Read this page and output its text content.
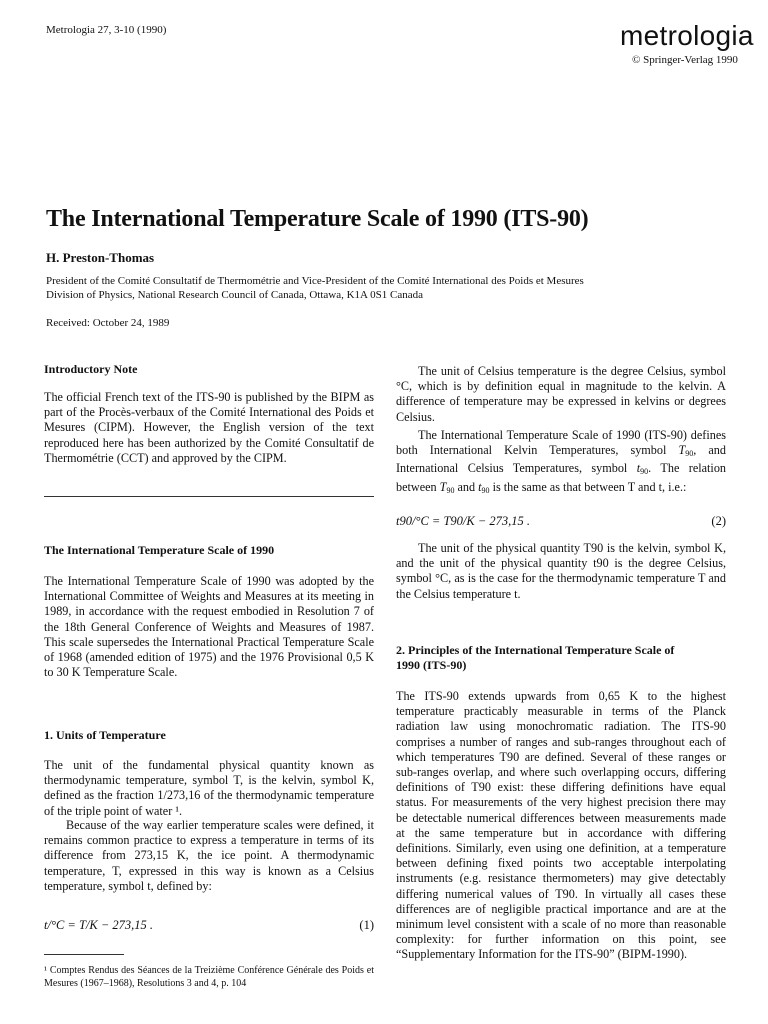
Metrologia 27, 3-10 (1990)	metrologia
© Springer-Verlag 1990
The International Temperature Scale of 1990 (ITS-90)
H. Preston-Thomas
President of the Comité Consultatif de Thermométrie and Vice-President of the Comité International des Poids et Mesures
Division of Physics, National Research Council of Canada, Ottawa, K1A 0S1 Canada
Received: October 24, 1989
Introductory Note
The official French text of the ITS-90 is published by the BIPM as part of the Procès-verbaux of the Comité International des Poids et Mesures (CIPM). However, the English version of the text reproduced here has been authorized by the Comité Consultatif de Thermométrie (CCT) and approved by the CIPM.
The International Temperature Scale of 1990
The International Temperature Scale of 1990 was adopted by the International Committee of Weights and Measures at its meeting in 1989, in accordance with the request embodied in Resolution 7 of the 18th General Conference of Weights and Measures of 1987. This scale supersedes the International Practical Temperature Scale of 1968 (amended edition of 1975) and the 1976 Provisional 0,5 K to 30 K Temperature Scale.
1. Units of Temperature
The unit of the fundamental physical quantity known as thermodynamic temperature, symbol T, is the kelvin, symbol K, defined as the fraction 1/273,16 of the thermodynamic temperature of the triple point of water ¹.
Because of the way earlier temperature scales were defined, it remains common practice to express a temperature in terms of its difference from 273,15 K, the ice point. A thermodynamic temperature, T, expressed in this way is known as a Celsius temperature, symbol t, defined by:
t/°C = T/K − 273,15 .	(1)
¹ Comptes Rendus des Séances de la Treizième Conférence Générale des Poids et Mesures (1967–1968), Resolutions 3 and 4, p. 104
The unit of Celsius temperature is the degree Celsius, symbol °C, which is by definition equal in magnitude to the kelvin. A difference of temperature may be expressed in kelvins or degrees Celsius.
The International Temperature Scale of 1990 (ITS-90) defines both International Kelvin Temperatures, symbol $T_{90}$, and International Celsius Temperatures, symbol $t_{90}$. The relation between $T_{90}$ and $t_{90}$ is the same as that between T and t, i.e.:
t90/°C = T90/K − 273,15 .	(2)
The unit of the physical quantity T90 is the kelvin, symbol K, and the unit of the physical quantity t90 is the degree Celsius, symbol °C, as is the case for the thermodynamic temperature T and the Celsius temperature t.
2. Principles of the International Temperature Scale of 1990 (ITS-90)
The ITS-90 extends upwards from 0,65 K to the highest temperature practicably measurable in terms of the Planck radiation law using monochromatic radiation. The ITS-90 comprises a number of ranges and sub-ranges throughout each of which temperatures T90 are defined. Several of these ranges or sub-ranges overlap, and where such overlapping occurs, differing definitions of T90 exist: these differing definitions have equal status. For measurements of the very highest precision there may be detectable numerical differences between measurements made at the same temperature but in accordance with differing definitions. Similarly, even using one definition, at a temperature between defining fixed points two acceptable interpolating instruments (e.g. resistance thermometers) may give detectably differing numerical values of T90. In virtually all cases these differences are of negligible practical importance and are at the minimum level consistent with a scale of no more than reasonable complexity: for further information on this point, see “Supplementary Information for the ITS-90” (BIPM-1990).
